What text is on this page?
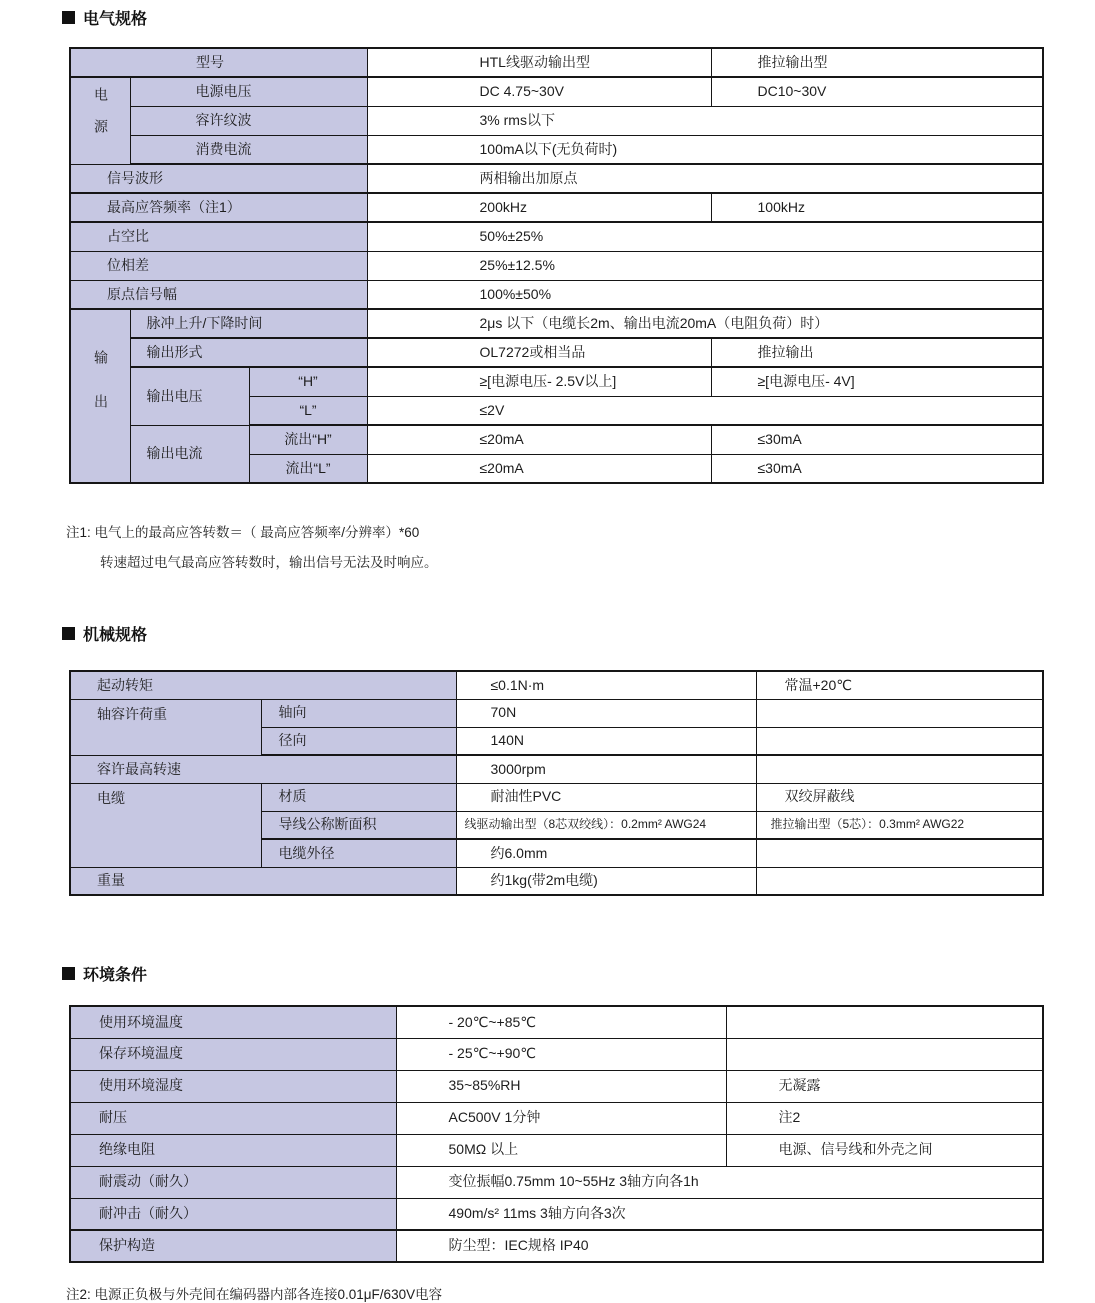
电气规格
型号			HTL线驱动输出型	推拉输出型
电源	电源电压		DC 4.75~30V	DC10~30V
	容许纹波		3% rms以下	
	消费电流		100mA以下(无负荷时)	
信号波形			两相输出加原点	
最高应答频率（注1）			200kHz	100kHz
占空比			50%±25%	
位相差			25%±12.5%	
原点信号幅			100%±50%	
输出	脉冲上升/下降时间		2μs 以下（电缆长2m、输出电流20mA（电阻负荷）时）	
	输出形式		OL7272或相当品	推拉输出
	输出电压	“H”	≥[电源电压- 2.5V以上]	≥[电源电压- 4V]
		“L”	≤2V	
	输出电流	流出“H”	≤20mA	≤30mA
		流出“L”	≤20mA	≤30mA
注1: 电气上的最高应答转数＝（ 最高应答频率/分辨率）*60
转速超过电气最高应答转数时，输出信号无法及时响应。
机械规格
起动转矩		≤0.1N·m	常温+20℃
轴容许荷重	轴向	70N	
	径向	140N	
容许最高转速		3000rpm	
电缆	材质	耐油性PVC	双绞屏蔽线
	导线公称断面积	线驱动输出型（8芯双绞线）：0.2mm² AWG24	推拉输出型（5芯）：0.3mm² AWG22
	电缆外径	约6.0mm	
重量		约1kg(带2m电缆)	
环境条件
使用环境温度	- 20℃~+85℃	
保存环境温度	- 25℃~+90℃	
使用环境湿度	35~85%RH	无凝露
耐压	AC500V 1分钟	注2
绝缘电阻	50MΩ 以上	电源、信号线和外壳之间
耐震动（耐久）	变位振幅0.75mm 10~55Hz 3轴方向各1h	
耐冲击（耐久）	490m/s² 11ms 3轴方向各3次	
保护构造	防尘型：IEC规格 IP40	
注2: 电源正负极与外壳间在编码器内部各连接0.01μF/630V电容
